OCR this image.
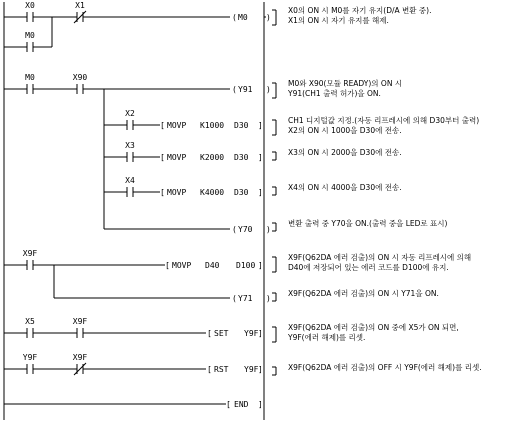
X0	X1
( M0 )
M0
X0의 ON 시 M0를 자기 유지(D/A 변환 중).
X1의 ON 시 자기 유지를 해제.
M0	X90
( Y91 )
M0와 X90(모듈 READY)의 ON 시
Y91(CH1 출력 허가)을 ON.
X2
[ MOVP K1000 D30 ]
CH1 디지털값 지정.(자동 리프레시에 의해 D30부터 출력)
X2의 ON 시 1000을 D30에 전송.
X3
[ MOVP K2000 D30 ]
X3의 ON 시 2000을 D30에 전송.
X4
[ MOVP K4000 D30 ]
X4의 ON 시 4000을 D30에 전송.
( Y70 )
변환 출력 중 Y70을 ON.(출력 중을 LED로 표시)
X9F
[ MOVP D40 D100 ]
X9F(Q62DA 에러 검출)의 ON 시 자동 리프레시에 의해
D40에 저장되어 있는 에러 코드를 D100에 유지.
( Y71 )
X9F(Q62DA 에러 검출)의 ON 시 Y71을 ON.
X5	X9F
[ SET Y9F ]
X9F(Q62DA 에러 검출)의 ON 중에 X5가 ON 되면,
Y9F(에러 해제)를 리셋.
Y9F	X9F
[ RST Y9F ]	X9F(Q62DA 에러 검출)의 OFF 시 Y9F(에러 해제)를 리셋.
[ END ]
